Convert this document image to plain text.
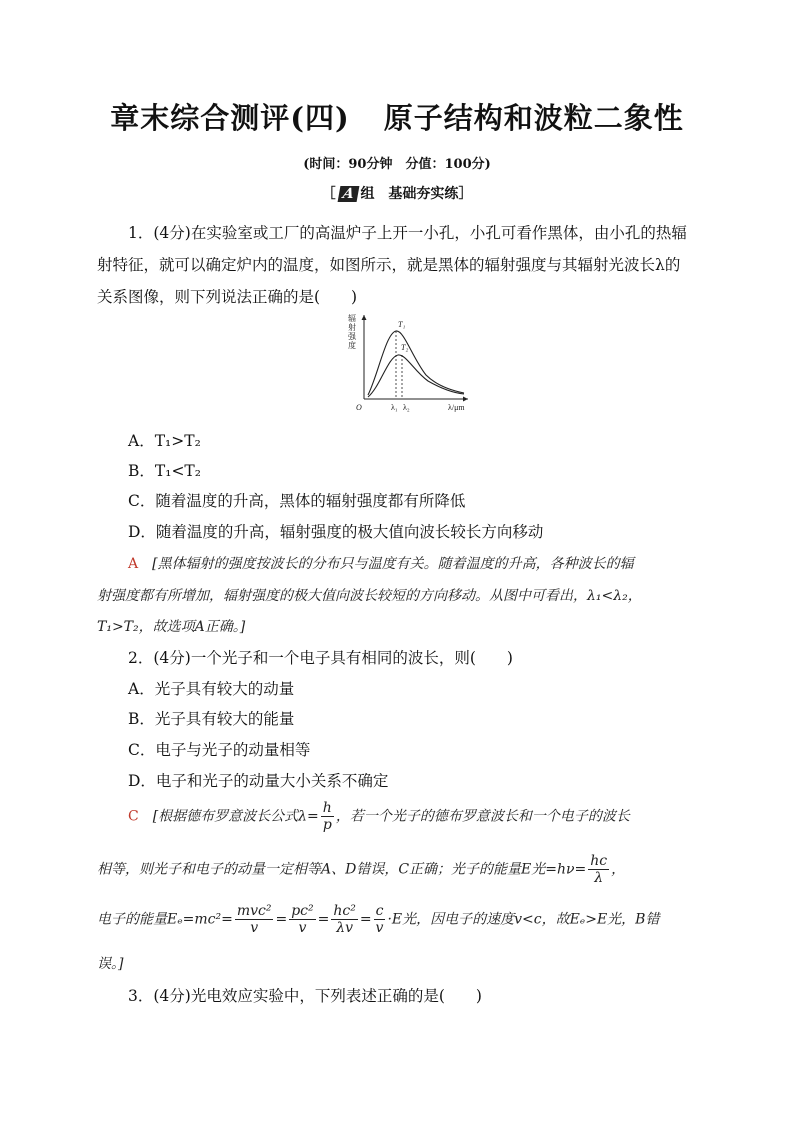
章末综合测评(四) 原子结构和波粒二象性
(时间：90分钟　分值：100分)
［ A 组　基础夯实练］
1．(4分)在实验室或工厂的高温炉子上开一小孔，小孔可看作黑体，由小孔的热辐
射特征，就可以确定炉内的温度，如图所示，就是黑体的辐射强度与其辐射光波长λ的
关系图像，则下列说法正确的是(　　)
辐
射
强
度
T₁
T₂
O	λ₁ λ₂	λ/μm
A．T₁>T₂
B．T₁<T₂
C．随着温度的升高，黑体的辐射强度都有所降低
D．随着温度的升高，辐射强度的极大值向波长较长方向移动
A　 [黑体辐射的强度按波长的分布只与温度有关。随着温度的升高，各种波长的辐
射强度都有所增加，辐射强度的极大值向波长较短的方向移动。从图中可看出，λ₁<λ₂，
T₁>T₂，故选项A正确。]
2．(4分)一个光子和一个电子具有相同的波长，则(　　)
A．光子具有较大的动量
B．光子具有较大的能量
C．电子与光子的动量相等
D．电子和光子的动量大小关系不确定
C　 [根据德布罗意波长公式$\lambda= \frac{h}{p}$ ，若一个光子的德布罗意波长和一个电子的波长
相等，则光子和电子的动量一定相等A、D错误，C正确；光子的能量E光$=h\nu= \frac{hc}{\lambda}$ ，
电子的能量$E_e=mc^2= \frac{\text{mvc²}}{v} = \frac{\text{pc²}}{v} = \frac{\text{hc²}}{\lambda v} = \frac{c}{v} \cdot E$光，因电子的速度v<c，故Eₑ>E光，B错
误。]
3．(4分)光电效应实验中，下列表述正确的是(　　)
